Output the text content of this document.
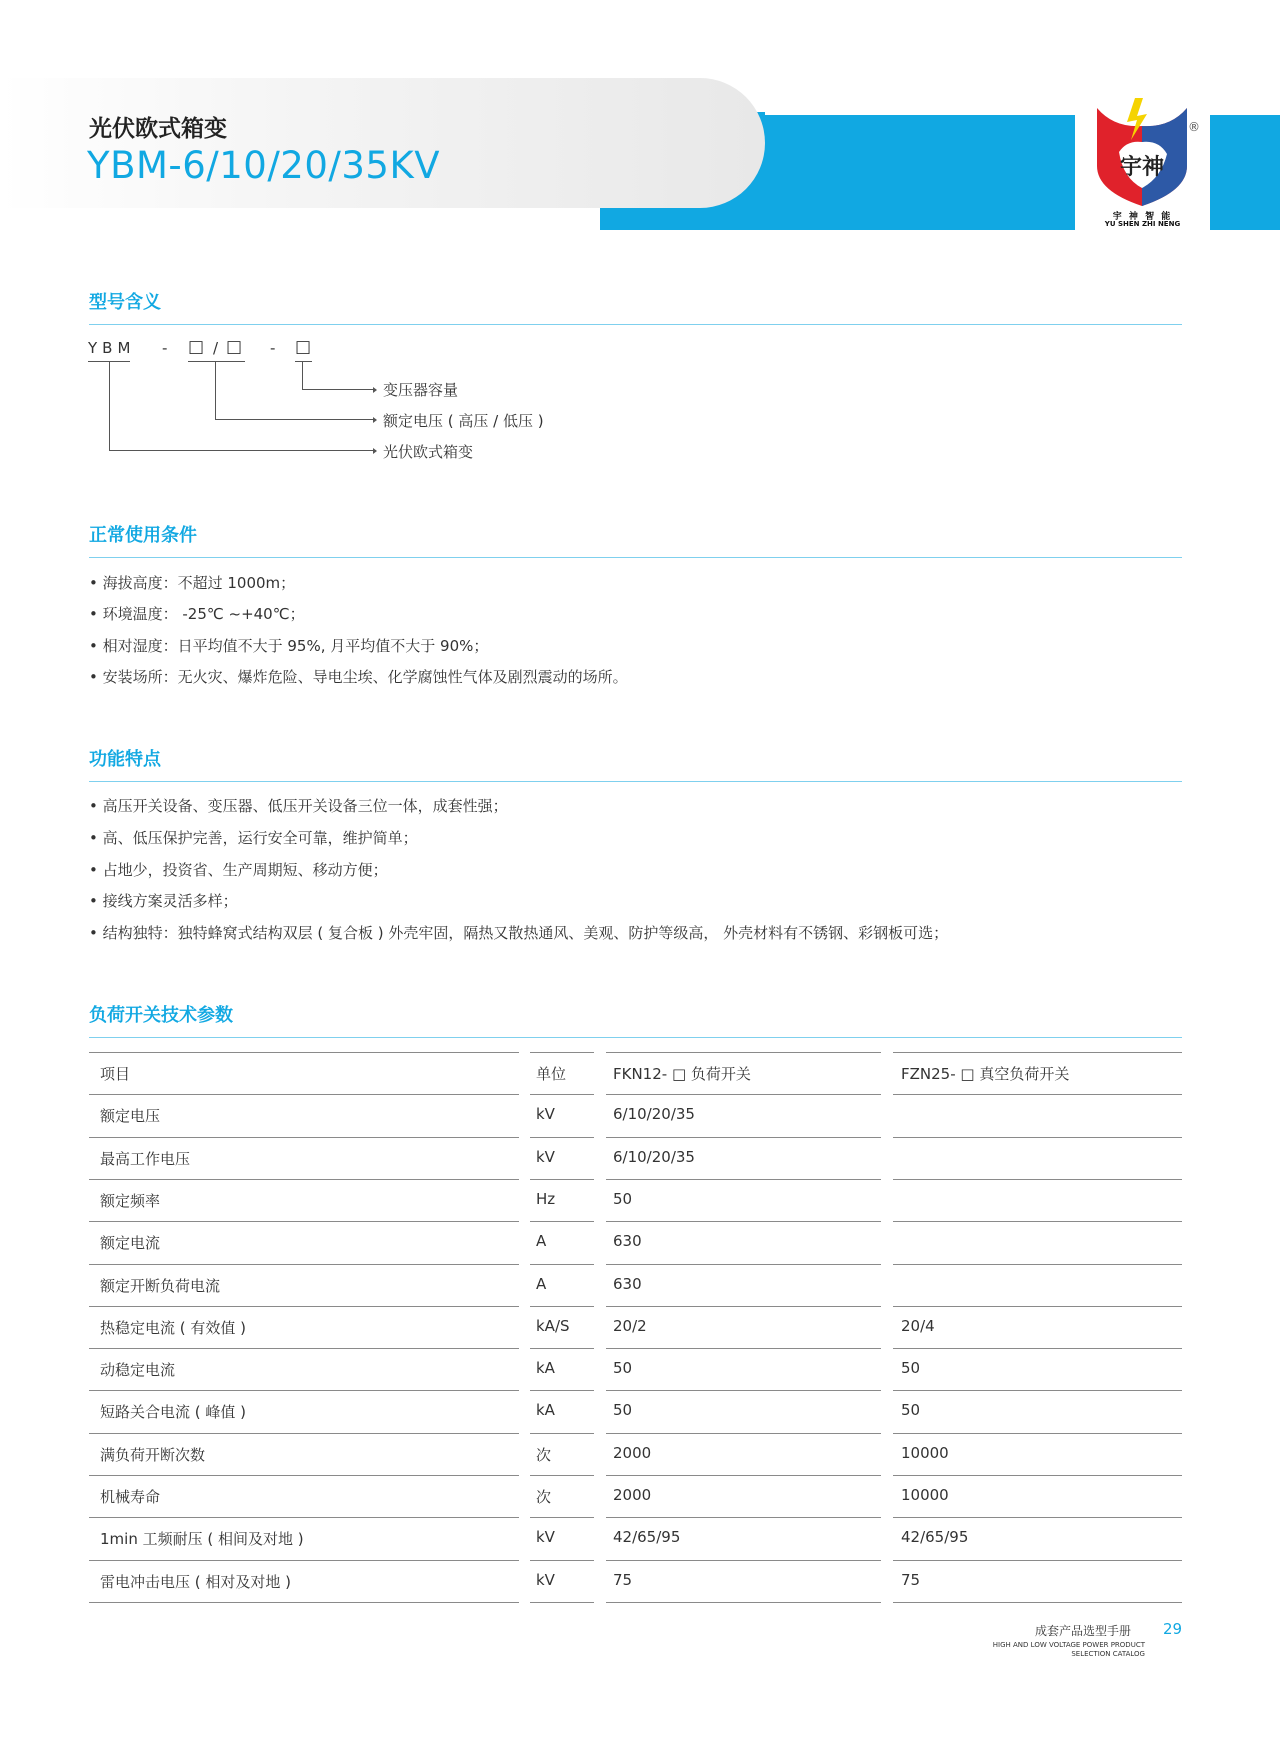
宇神
宇 神 智 能
YU SHEN ZHI NENG
®
光伏欧式箱变
YBM-6/10/20/35KV
型号含义
YBM - □ / □ - □
变压器容量
额定电压 ( 高压 / 低压 )
光伏欧式箱变
正常使用条件
• 海拔高度：不超过 1000m；
• 环境温度： -25℃ ~+40℃；
• 相对湿度：日平均值不大于 95%, 月平均值不大于 90%；
• 安装场所：无火灾、爆炸危险、导电尘埃、化学腐蚀性气体及剧烈震动的场所。
功能特点
• 高压开关设备、变压器、低压开关设备三位一体，成套性强；
• 高、低压保护完善，运行安全可靠，维护简单；
• 占地少，投资省、生产周期短、移动方便；
• 接线方案灵活多样；
• 结构独特：独特蜂窝式结构双层 ( 复合板 ) 外壳牢固，隔热又散热通风、美观、防护等级高， 外壳材料有不锈钢、彩钢板可选；
负荷开关技术参数
项目	单位	FKN12- □ 负荷开关	FZN25- □ 真空负荷开关
额定电压	kV	6/10/20/35
最高工作电压	kV	6/10/20/35
额定频率	Hz	50
额定电流	A	630
额定开断负荷电流	A	630
热稳定电流 ( 有效值 )	kA/S	20/2	20/4
动稳定电流	kA	50	50
短路关合电流 ( 峰值 )	kA	50	50
满负荷开断次数	次	2000	10000
机械寿命	次	2000	10000
1min 工频耐压 ( 相间及对地 )	kV	42/65/95	42/65/95
雷电冲击电压 ( 相对及对地 )	kV	75	75
成套产品选型手册 29
HIGH AND LOW VOLTAGE POWER PRODUCT
SELECTION CATALOG
